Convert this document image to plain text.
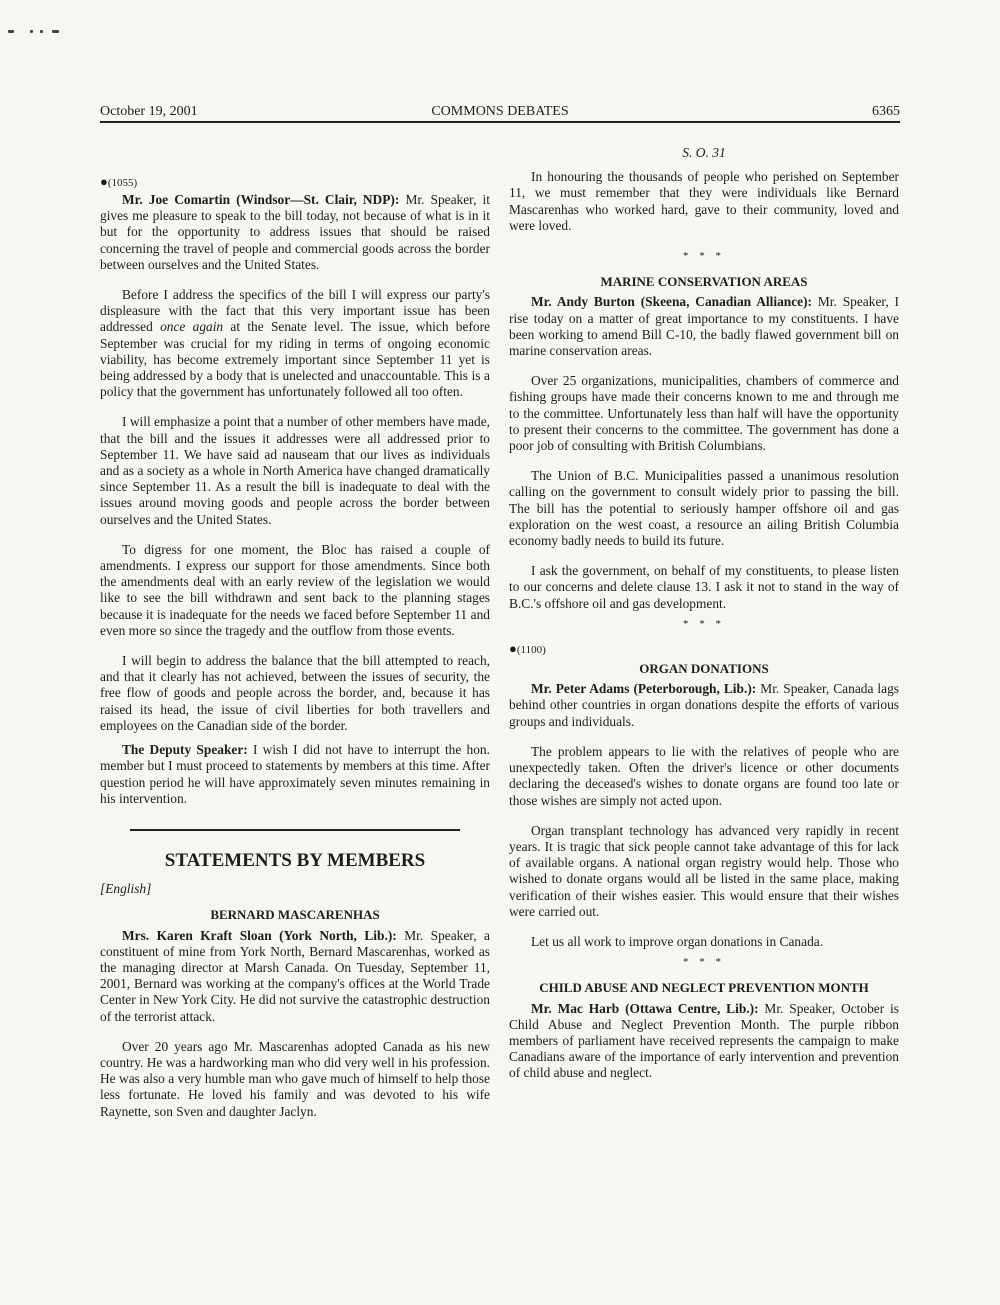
October 19, 2001	COMMONS DEBATES	6365
●(1055)

Mr. Joe Comartin (Windsor—St. Clair, NDP): Mr. Speaker, it gives me pleasure to speak to the bill today, not because of what is in it but for the opportunity to address issues that should be raised concerning the travel of people and commercial goods across the border between ourselves and the United States.

Before I address the specifics of the bill I will express our party's displeasure with the fact that this very important issue has been addressed once again at the Senate level. The issue, which before September was crucial for my riding in terms of ongoing economic viability, has become extremely important since September 11 yet is being addressed by a body that is unelected and unaccountable. This is a policy that the government has unfortunately followed all too often.

I will emphasize a point that a number of other members have made, that the bill and the issues it addresses were all addressed prior to September 11. We have said ad nauseam that our lives as individuals and as a society as a whole in North America have changed dramatically since September 11. As a result the bill is inadequate to deal with the issues around moving goods and people across the border between ourselves and the United States.

To digress for one moment, the Bloc has raised a couple of amendments. I express our support for those amendments. Since both the amendments deal with an early review of the legislation we would like to see the bill withdrawn and sent back to the planning stages because it is inadequate for the needs we faced before September 11 and even more so since the tragedy and the outflow from those events.

I will begin to address the balance that the bill attempted to reach, and that it clearly has not achieved, between the issues of security, the free flow of goods and people across the border, and, because it has raised its head, the issue of civil liberties for both travellers and employees on the Canadian side of the border.

The Deputy Speaker: I wish I did not have to interrupt the hon. member but I must proceed to statements by members at this time. After question period he will have approximately seven minutes remaining in his intervention.

STATEMENTS BY MEMBERS
[English]
BERNARD MASCARENHAS

Mrs. Karen Kraft Sloan (York North, Lib.): Mr. Speaker, a constituent of mine from York North, Bernard Mascarenhas, worked as the managing director at Marsh Canada. On Tuesday, September 11, 2001, Bernard was working at the company's offices at the World Trade Center in New York City. He did not survive the catastrophic destruction of the terrorist attack.

Over 20 years ago Mr. Mascarenhas adopted Canada as his new country. He was a hardworking man who did very well in his profession. He was also a very humble man who gave much of himself to help those less fortunate. He loved his family and was devoted to his wife Raynette, son Sven and daughter Jaclyn.

S. O. 31

In honouring the thousands of people who perished on September 11, we must remember that they were individuals like Bernard Mascarenhas who worked hard, gave to their community, loved and were loved.

* * *
MARINE CONSERVATION AREAS

Mr. Andy Burton (Skeena, Canadian Alliance): Mr. Speaker, I rise today on a matter of great importance to my constituents. I have been working to amend Bill C-10, the badly flawed government bill on marine conservation areas.

Over 25 organizations, municipalities, chambers of commerce and fishing groups have made their concerns known to me and through me to the committee. Unfortunately less than half will have the opportunity to present their concerns to the committee. The government has done a poor job of consulting with British Columbians.

The Union of B.C. Municipalities passed a unanimous resolution calling on the government to consult widely prior to passing the bill. The bill has the potential to seriously hamper offshore oil and gas exploration on the west coast, a resource an ailing British Columbia economy badly needs to build its future.

I ask the government, on behalf of my constituents, to please listen to our concerns and delete clause 13. I ask it not to stand in the way of B.C.'s offshore oil and gas development.

* * *
●(1100)
ORGAN DONATIONS

Mr. Peter Adams (Peterborough, Lib.): Mr. Speaker, Canada lags behind other countries in organ donations despite the efforts of various groups and individuals.

The problem appears to lie with the relatives of people who are unexpectedly taken. Often the driver's licence or other documents declaring the deceased's wishes to donate organs are found too late or those wishes are simply not acted upon.

Organ transplant technology has advanced very rapidly in recent years. It is tragic that sick people cannot take advantage of this for lack of available organs. A national organ registry would help. Those who wished to donate organs would all be listed in the same place, making verification of their wishes easier. This would ensure that their wishes were carried out.

Let us all work to improve organ donations in Canada.

* * *
CHILD ABUSE AND NEGLECT PREVENTION MONTH

Mr. Mac Harb (Ottawa Centre, Lib.): Mr. Speaker, October is Child Abuse and Neglect Prevention Month. The purple ribbon members of parliament have received represents the campaign to make Canadians aware of the importance of early intervention and prevention of child abuse and neglect.
